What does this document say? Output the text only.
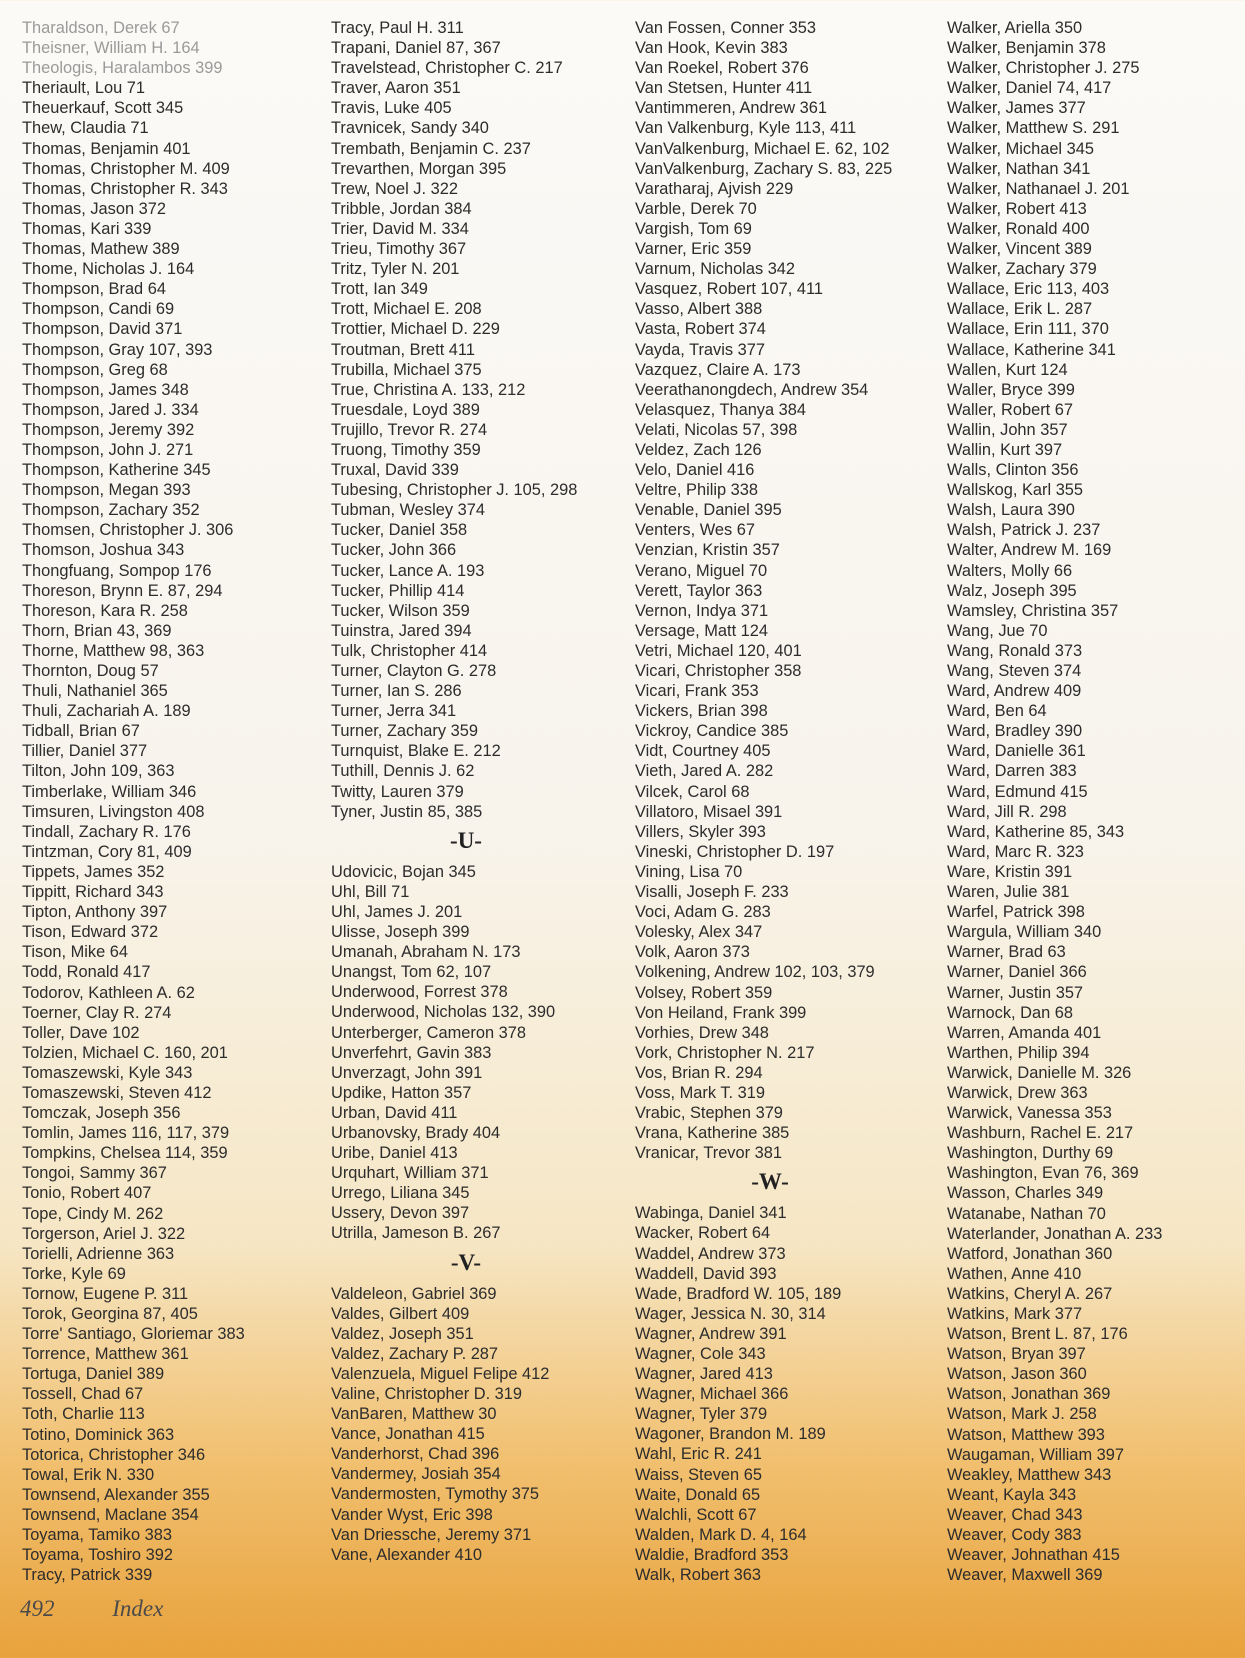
Tharaldson, Derek 67
Theisner, William H. 164
Theologis, Haralambos 399
Theriault, Lou 71
Theuerkauf, Scott 345
Thew, Claudia 71
Thomas, Benjamin 401
Thomas, Christopher M. 409
Thomas, Christopher R. 343
Thomas, Jason 372
Thomas, Kari 339
Thomas, Mathew 389
Thome, Nicholas J. 164
Thompson, Brad 64
Thompson, Candi 69
Thompson, David 371
Thompson, Gray 107, 393
Thompson, Greg 68
Thompson, James 348
Thompson, Jared J. 334
Thompson, Jeremy 392
Thompson, John J. 271
Thompson, Katherine 345
Thompson, Megan 393
Thompson, Zachary 352
Thomsen, Christopher J. 306
Thomson, Joshua 343
Thongfuang, Sompop 176
Thoreson, Brynn E. 87, 294
Thoreson, Kara R. 258
Thorn, Brian 43, 369
Thorne, Matthew 98, 363
Thornton, Doug 57
Thuli, Nathaniel 365
Thuli, Zachariah A. 189
Tidball, Brian 67
Tillier, Daniel 377
Tilton, John 109, 363
Timberlake, William 346
Timsuren, Livingston 408
Tindall, Zachary R. 176
Tintzman, Cory 81, 409
Tippets, James 352
Tippitt, Richard 343
Tipton, Anthony 397
Tison, Edward 372
Tison, Mike 64
Todd, Ronald 417
Todorov, Kathleen A. 62
Toerner, Clay R. 274
Toller, Dave 102
Tolzien, Michael C. 160, 201
Tomaszewski, Kyle 343
Tomaszewski, Steven 412
Tomczak, Joseph 356
Tomlin, James 116, 117, 379
Tompkins, Chelsea 114, 359
Tongoi, Sammy 367
Tonio, Robert 407
Tope, Cindy M. 262
Torgerson, Ariel J. 322
Torielli, Adrienne 363
Torke, Kyle 69
Tornow, Eugene P. 311
Torok, Georgina 87, 405
Torre' Santiago, Gloriemar 383
Torrence, Matthew 361
Tortuga, Daniel 389
Tossell, Chad 67
Toth, Charlie 113
Totino, Dominick 363
Totorica, Christopher 346
Towal, Erik N. 330
Townsend, Alexander 355
Townsend, Maclane 354
Toyama, Tamiko 383
Toyama, Toshiro 392
Tracy, Patrick 339
Tracy, Paul H. 311
Trapani, Daniel 87, 367
Travelstead, Christopher C. 217
Traver, Aaron 351
Travis, Luke 405
Travnicek, Sandy 340
Trembath, Benjamin C. 237
Trevarthen, Morgan 395
Trew, Noel J. 322
Tribble, Jordan 384
Trier, David M. 334
Trieu, Timothy 367
Tritz, Tyler N. 201
Trott, Ian 349
Trott, Michael E. 208
Trottier, Michael D. 229
Troutman, Brett 411
Trubilla, Michael 375
True, Christina A. 133, 212
Truesdale, Loyd 389
Trujillo, Trevor R. 274
Truong, Timothy 359
Truxal, David 339
Tubesing, Christopher J. 105, 298
Tubman, Wesley 374
Tucker, Daniel 358
Tucker, John 366
Tucker, Lance A. 193
Tucker, Phillip 414
Tucker, Wilson 359
Tuinstra, Jared 394
Tulk, Christopher 414
Turner, Clayton G. 278
Turner, Ian S. 286
Turner, Jerra 341
Turner, Zachary 359
Turnquist, Blake E. 212
Tuthill, Dennis J. 62
Twitty, Lauren 379
Tyner, Justin 85, 385
-U-
Udovicic, Bojan 345
Uhl, Bill 71
Uhl, James J. 201
Ulisse, Joseph 399
Umanah, Abraham N. 173
Unangst, Tom 62, 107
Underwood, Forrest 378
Underwood, Nicholas 132, 390
Unterberger, Cameron 378
Unverfehrt, Gavin 383
Unverzagt, John 391
Updike, Hatton 357
Urban, David 411
Urbanovsky, Brady 404
Uribe, Daniel 413
Urquhart, William 371
Urrego, Liliana 345
Ussery, Devon 397
Utrilla, Jameson B. 267
-V-
Valdeleon, Gabriel 369
Valdes, Gilbert 409
Valdez, Joseph 351
Valdez, Zachary P. 287
Valenzuela, Miguel Felipe 412
Valine, Christopher D. 319
VanBaren, Matthew 30
Vance, Jonathan 415
Vanderhorst, Chad 396
Vandermey, Josiah 354
Vandermosten, Tymothy 375
Vander Wyst, Eric 398
Van Driessche, Jeremy 371
Vane, Alexander 410
Van Fossen, Conner 353
Van Hook, Kevin 383
Van Roekel, Robert 376
Van Stetsen, Hunter 411
Vantimmeren, Andrew 361
Van Valkenburg, Kyle 113, 411
VanValkenburg, Michael E. 62, 102
VanValkenburg, Zachary S. 83, 225
Varatharaj, Ajvish 229
Varble, Derek 70
Vargish, Tom 69
Varner, Eric 359
Varnum, Nicholas 342
Vasquez, Robert 107, 411
Vasso, Albert 388
Vasta, Robert 374
Vayda, Travis 377
Vazquez, Claire A. 173
Veerathanongdech, Andrew 354
Velasquez, Thanya 384
Velati, Nicolas 57, 398
Veldez, Zach 126
Velo, Daniel 416
Veltre, Philip 338
Venable, Daniel 395
Venters, Wes 67
Venzian, Kristin 357
Verano, Miguel 70
Verett, Taylor 363
Vernon, Indya 371
Versage, Matt 124
Vetri, Michael 120, 401
Vicari, Christopher 358
Vicari, Frank 353
Vickers, Brian 398
Vickroy, Candice 385
Vidt, Courtney 405
Vieth, Jared A. 282
Vilcek, Carol 68
Villatoro, Misael 391
Villers, Skyler 393
Vineski, Christopher D. 197
Vining, Lisa 70
Visalli, Joseph F. 233
Voci, Adam G. 283
Volesky, Alex 347
Volk, Aaron 373
Volkening, Andrew 102, 103, 379
Volsey, Robert 359
Von Heiland, Frank 399
Vorhies, Drew 348
Vork, Christopher N. 217
Vos, Brian R. 294
Voss, Mark T. 319
Vrabic, Stephen 379
Vrana, Katherine 385
Vranicar, Trevor 381
-W-
Wabinga, Daniel 341
Wacker, Robert 64
Waddel, Andrew 373
Waddell, David 393
Wade, Bradford W. 105, 189
Wager, Jessica N. 30, 314
Wagner, Andrew 391
Wagner, Cole 343
Wagner, Jared 413
Wagner, Michael 366
Wagner, Tyler 379
Wagoner, Brandon M. 189
Wahl, Eric R. 241
Waiss, Steven 65
Waite, Donald 65
Walchli, Scott 67
Walden, Mark D. 4, 164
Waldie, Bradford 353
Walk, Robert 363
Walker, Ariella 350
Walker, Benjamin 378
Walker, Christopher J. 275
Walker, Daniel 74, 417
Walker, James 377
Walker, Matthew S. 291
Walker, Michael 345
Walker, Nathan 341
Walker, Nathanael J. 201
Walker, Robert 413
Walker, Ronald 400
Walker, Vincent 389
Walker, Zachary 379
Wallace, Eric 113, 403
Wallace, Erik L. 287
Wallace, Erin 111, 370
Wallace, Katherine 341
Wallen, Kurt 124
Waller, Bryce 399
Waller, Robert 67
Wallin, John 357
Wallin, Kurt 397
Walls, Clinton 356
Wallskog, Karl 355
Walsh, Laura 390
Walsh, Patrick J. 237
Walter, Andrew M. 169
Walters, Molly 66
Walz, Joseph 395
Wamsley, Christina 357
Wang, Jue 70
Wang, Ronald 373
Wang, Steven 374
Ward, Andrew 409
Ward, Ben 64
Ward, Bradley 390
Ward, Danielle 361
Ward, Darren 383
Ward, Edmund 415
Ward, Jill R. 298
Ward, Katherine 85, 343
Ward, Marc R. 323
Ware, Kristin 391
Waren, Julie 381
Warfel, Patrick 398
Wargula, William 340
Warner, Brad 63
Warner, Daniel 366
Warner, Justin 357
Warnock, Dan 68
Warren, Amanda 401
Warthen, Philip 394
Warwick, Danielle M. 326
Warwick, Drew 363
Warwick, Vanessa 353
Washburn, Rachel E. 217
Washington, Durthy 69
Washington, Evan 76, 369
Wasson, Charles 349
Watanabe, Nathan 70
Waterlander, Jonathan A. 233
Watford, Jonathan 360
Wathen, Anne 410
Watkins, Cheryl A. 267
Watkins, Mark 377
Watson, Brent L. 87, 176
Watson, Bryan 397
Watson, Jason 360
Watson, Jonathan 369
Watson, Mark J. 258
Watson, Matthew 393
Waugaman, William 397
Weakley, Matthew 343
Weant, Kayla 343
Weaver, Chad 343
Weaver, Cody 383
Weaver, Johnathan 415
Weaver, Maxwell 369
492	Index
